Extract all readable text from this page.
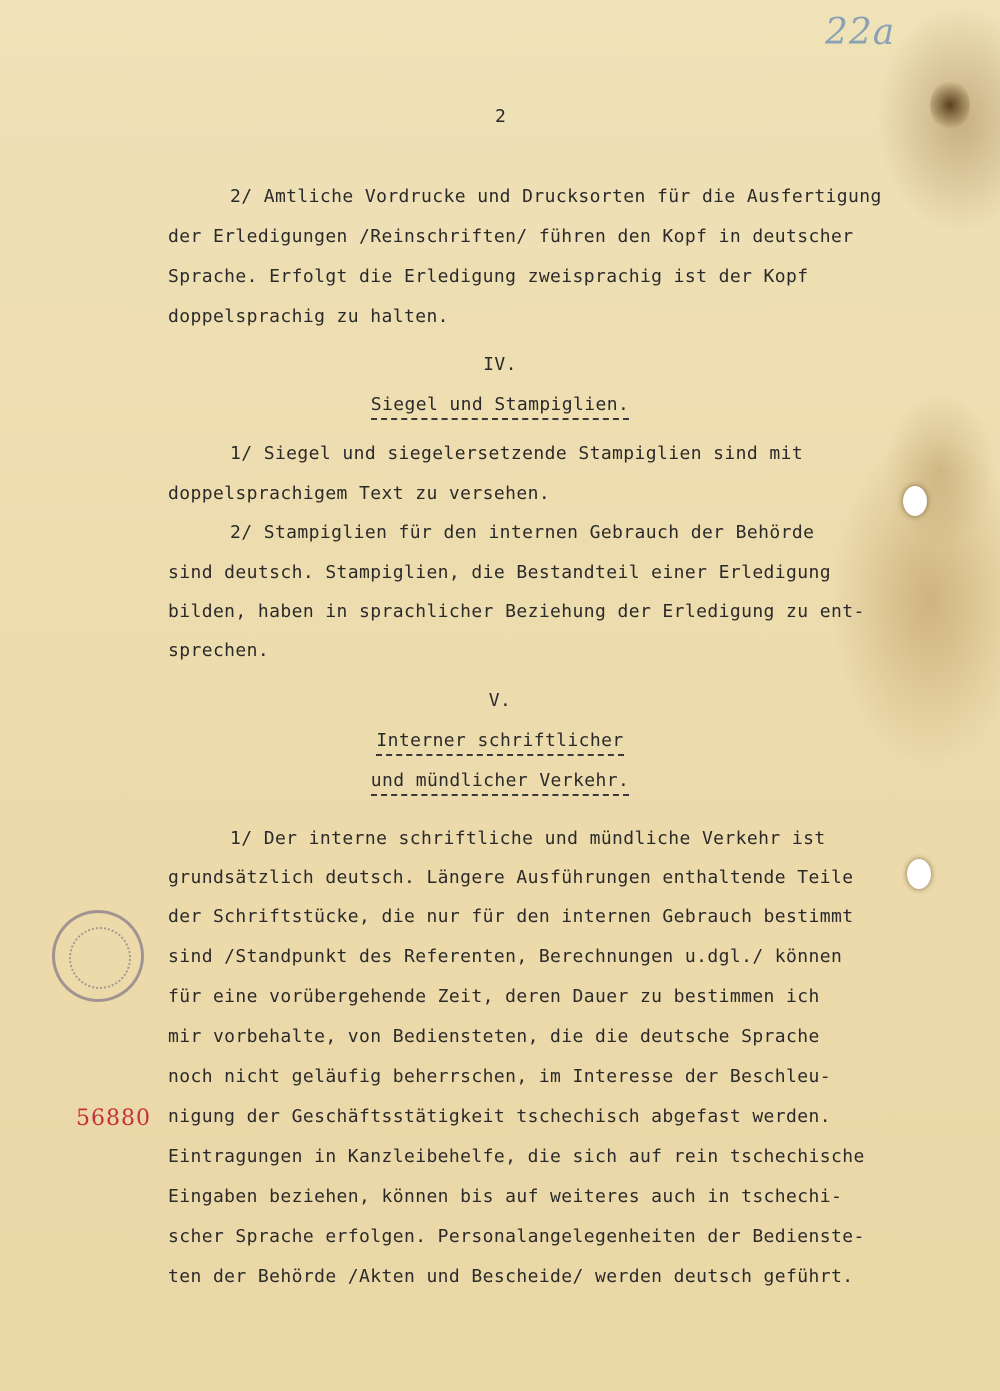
22a
2
2/ Amtliche Vordrucke und Drucksorten für die Ausfertigung
der Erledigungen /Reinschriften/ führen den Kopf in deutscher
Sprache. Erfolgt die Erledigung zweisprachig ist der Kopf
doppelsprachig zu halten.
IV.
Siegel und Stampiglien.
1/ Siegel und siegelersetzende Stampiglien sind mit
doppelsprachigem Text zu versehen.
2/ Stampiglien für den internen Gebrauch der Behörde
sind deutsch. Stampiglien, die Bestandteil einer Erledigung
bilden, haben in sprachlicher Beziehung der Erledigung zu ent-
sprechen.
V.
Interner schriftlicher
und mündlicher Verkehr.
1/ Der interne schriftliche und mündliche Verkehr ist
grundsätzlich deutsch. Längere Ausführungen enthaltende Teile
der Schriftstücke, die nur für den internen Gebrauch bestimmt
sind /Standpunkt des Referenten, Berechnungen u.dgl./ können
für eine vorübergehende Zeit, deren Dauer zu bestimmen ich
mir vorbehalte, von Bediensteten, die die deutsche Sprache
noch nicht geläufig beherrschen, im Interesse der Beschleu-
nigung der Geschäftsstätigkeit tschechisch abgefast werden.
Eintragungen in Kanzleibehelfe, die sich auf rein tschechische
Eingaben beziehen, können bis auf weiteres auch in tschechi-
scher Sprache erfolgen. Personalangelegenheiten der Bedienste-
ten der Behörde /Akten und Bescheide/ werden deutsch geführt.
56880
